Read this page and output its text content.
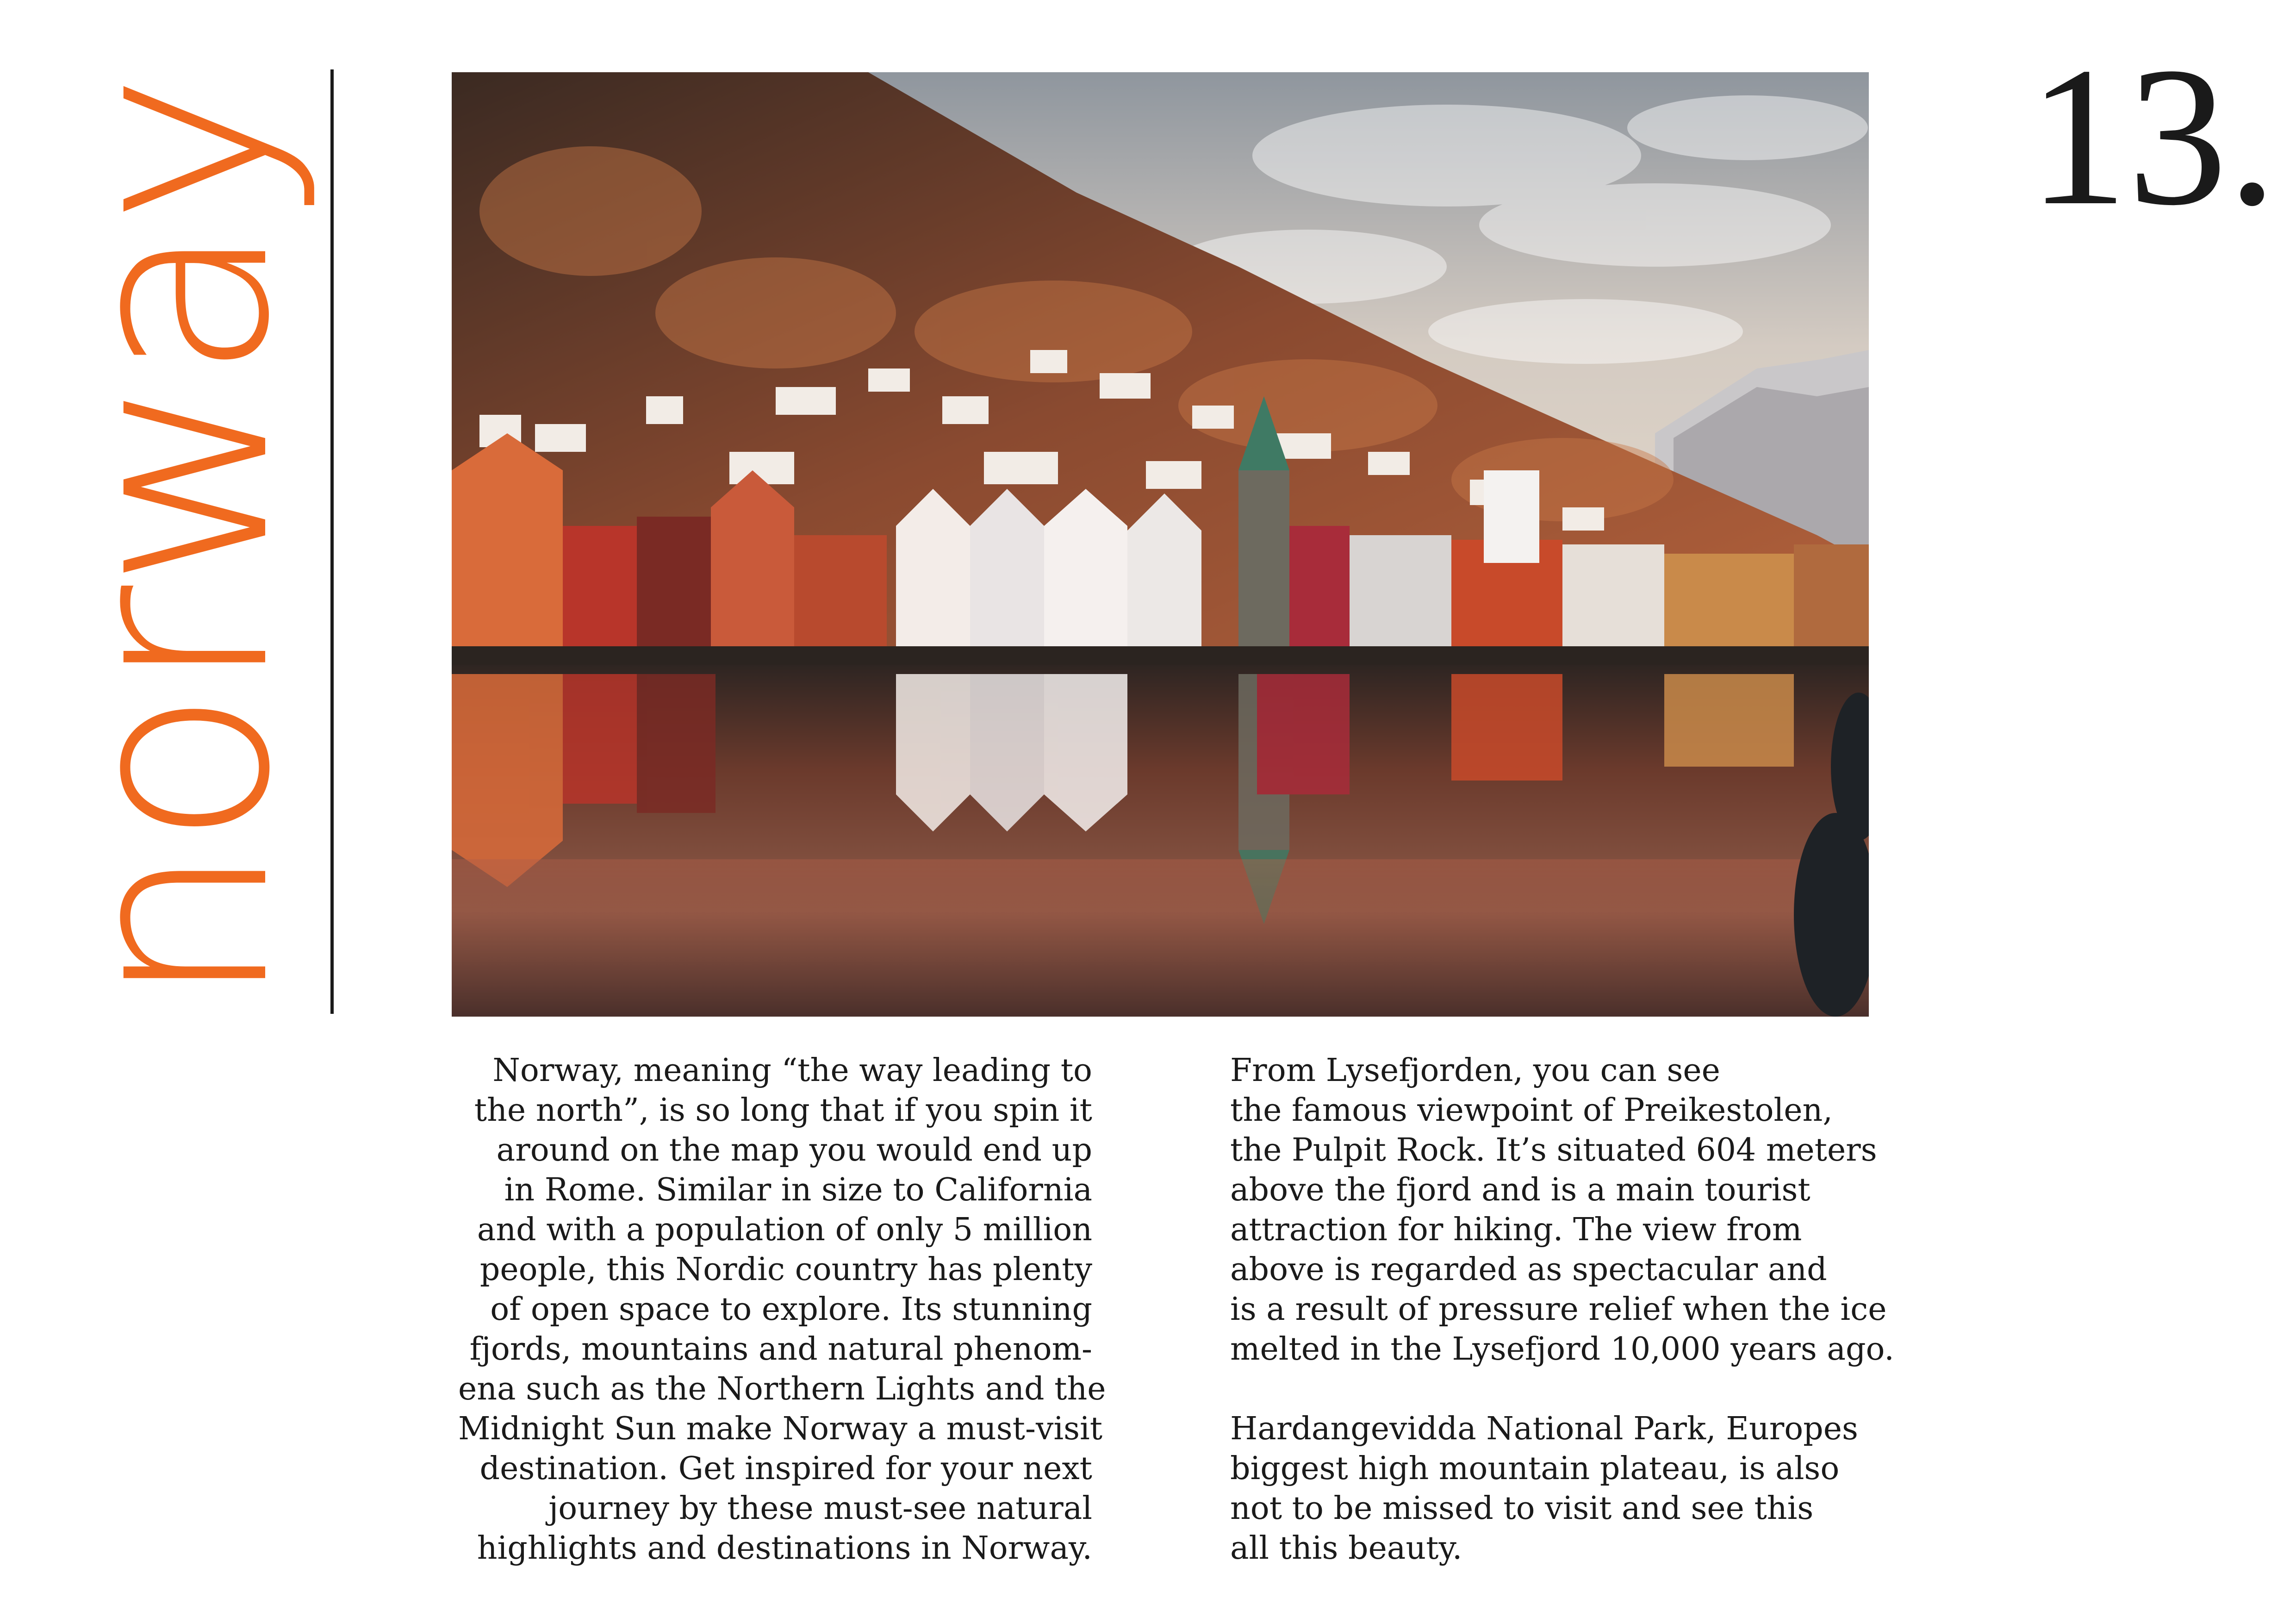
norway	13.

Norway, meaning “the way leading to
the north”, is so long that if you spin it
around on the map you would end up
in Rome. Similar in size to California
and with a population of only 5 million
people, this Nordic country has plenty
of open space to explore. Its stunning
fjords, mountains and natural phenom-
ena such as the Northern Lights and the
Midnight Sun make Norway a must-visit
destination. Get inspired for your next
journey by these must-see natural
highlights and destinations in Norway.

From Lysefjorden, you can see
the famous viewpoint of Preikestolen,
the Pulpit Rock. It’s situated 604 meters
above the fjord and is a main tourist
attraction for hiking. The view from
above is regarded as spectacular and
is a result of pressure relief when the ice
melted in the Lysefjord 10,000 years ago.

Hardangevidda National Park, Europes
biggest high mountain plateau, is also
not to be missed to visit and see this
all this beauty.
